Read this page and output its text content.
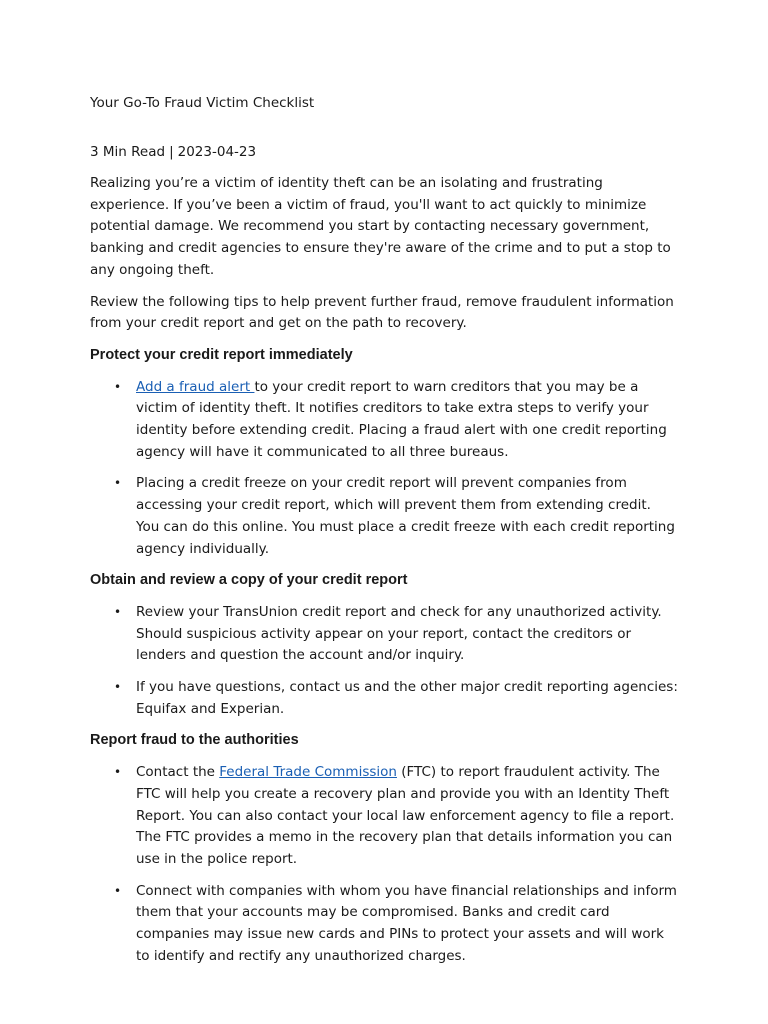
Your Go-To Fraud Victim Checklist
3 Min Read | 2023-04-23

Realizing you’re a victim of identity theft can be an isolating and frustrating experience. If you’ve been a victim of fraud, you'll want to act quickly to minimize potential damage. We recommend you start by contacting necessary government, banking and credit agencies to ensure they're aware of the crime and to put a stop to any ongoing theft.

Review the following tips to help prevent further fraud, remove fraudulent information from your credit report and get on the path to recovery.

Protect your credit report immediately
• Add a fraud alert to your credit report to warn creditors that you may be a victim of identity theft. It notifies creditors to take extra steps to verify your identity before extending credit. Placing a fraud alert with one credit reporting agency will have it communicated to all three bureaus.
• Placing a credit freeze on your credit report will prevent companies from accessing your credit report, which will prevent them from extending credit. You can do this online. You must place a credit freeze with each credit reporting agency individually.
Obtain and review a copy of your credit report
• Review your TransUnion credit report and check for any unauthorized activity. Should suspicious activity appear on your report, contact the creditors or lenders and question the account and/or inquiry.
• If you have questions, contact us and the other major credit reporting agencies: Equifax and Experian.
Report fraud to the authorities
• Contact the Federal Trade Commission (FTC) to report fraudulent activity. The FTC will help you create a recovery plan and provide you with an Identity Theft Report. You can also contact your local law enforcement agency to file a report. The FTC provides a memo in the recovery plan that details information you can use in the police report.
• Connect with companies with whom you have financial relationships and inform them that your accounts may be compromised. Banks and credit card companies may issue new cards and PINs to protect your assets and will work to identify and rectify any unauthorized charges.
